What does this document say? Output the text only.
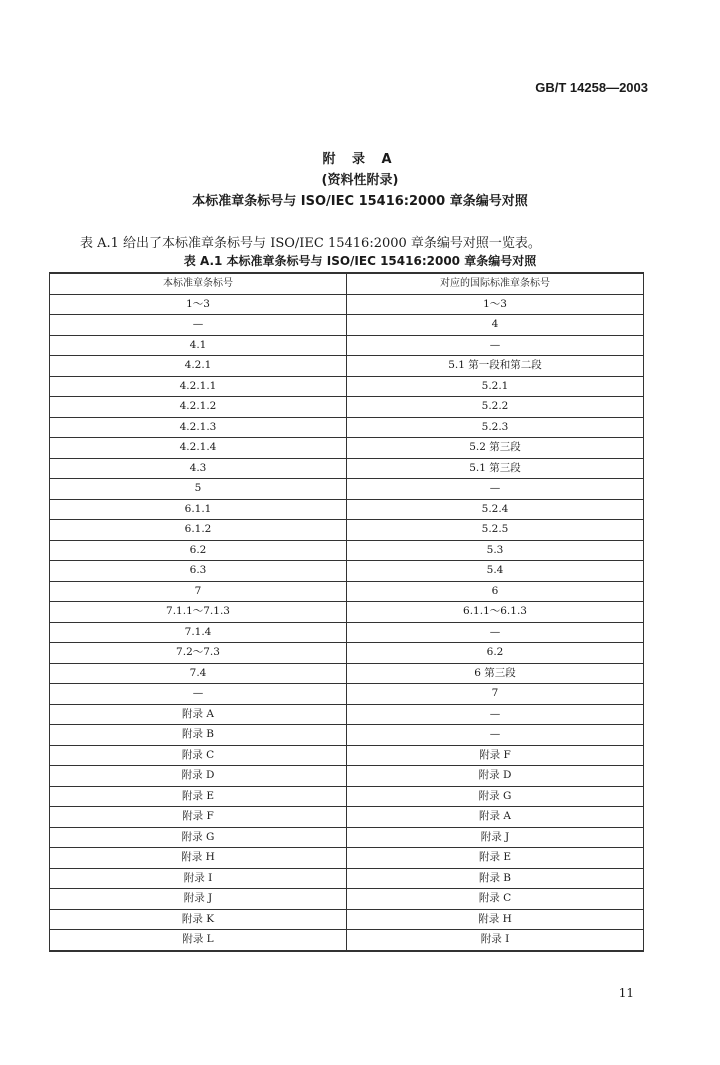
GB/T 14258—2003
附 录 A
(资料性附录)
本标准章条标号与 ISO/IEC 15416:2000 章条编号对照
表 A.1 给出了本标准章条标号与 ISO/IEC 15416:2000 章条编号对照一览表。
表 A.1 本标准章条标号与 ISO/IEC 15416:2000 章条编号对照
本标准章条标号	对应的国际标准章条标号
1～3	1～3
—	4
4.1	—
4.2.1	5.1 第一段和第二段
4.2.1.1	5.2.1
4.2.1.2	5.2.2
4.2.1.3	5.2.3
4.2.1.4	5.2 第三段
4.3	5.1 第三段
5	—
6.1.1	5.2.4
6.1.2	5.2.5
6.2	5.3
6.3	5.4
7	6
7.1.1～7.1.3	6.1.1～6.1.3
7.1.4	—
7.2～7.3	6.2
7.4	6 第三段
—	7
附录 A	—
附录 B	—
附录 C	附录 F
附录 D	附录 D
附录 E	附录 G
附录 F	附录 A
附录 G	附录 J
附录 H	附录 E
附录 I	附录 B
附录 J	附录 C
附录 K	附录 H
附录 L	附录 I
11
